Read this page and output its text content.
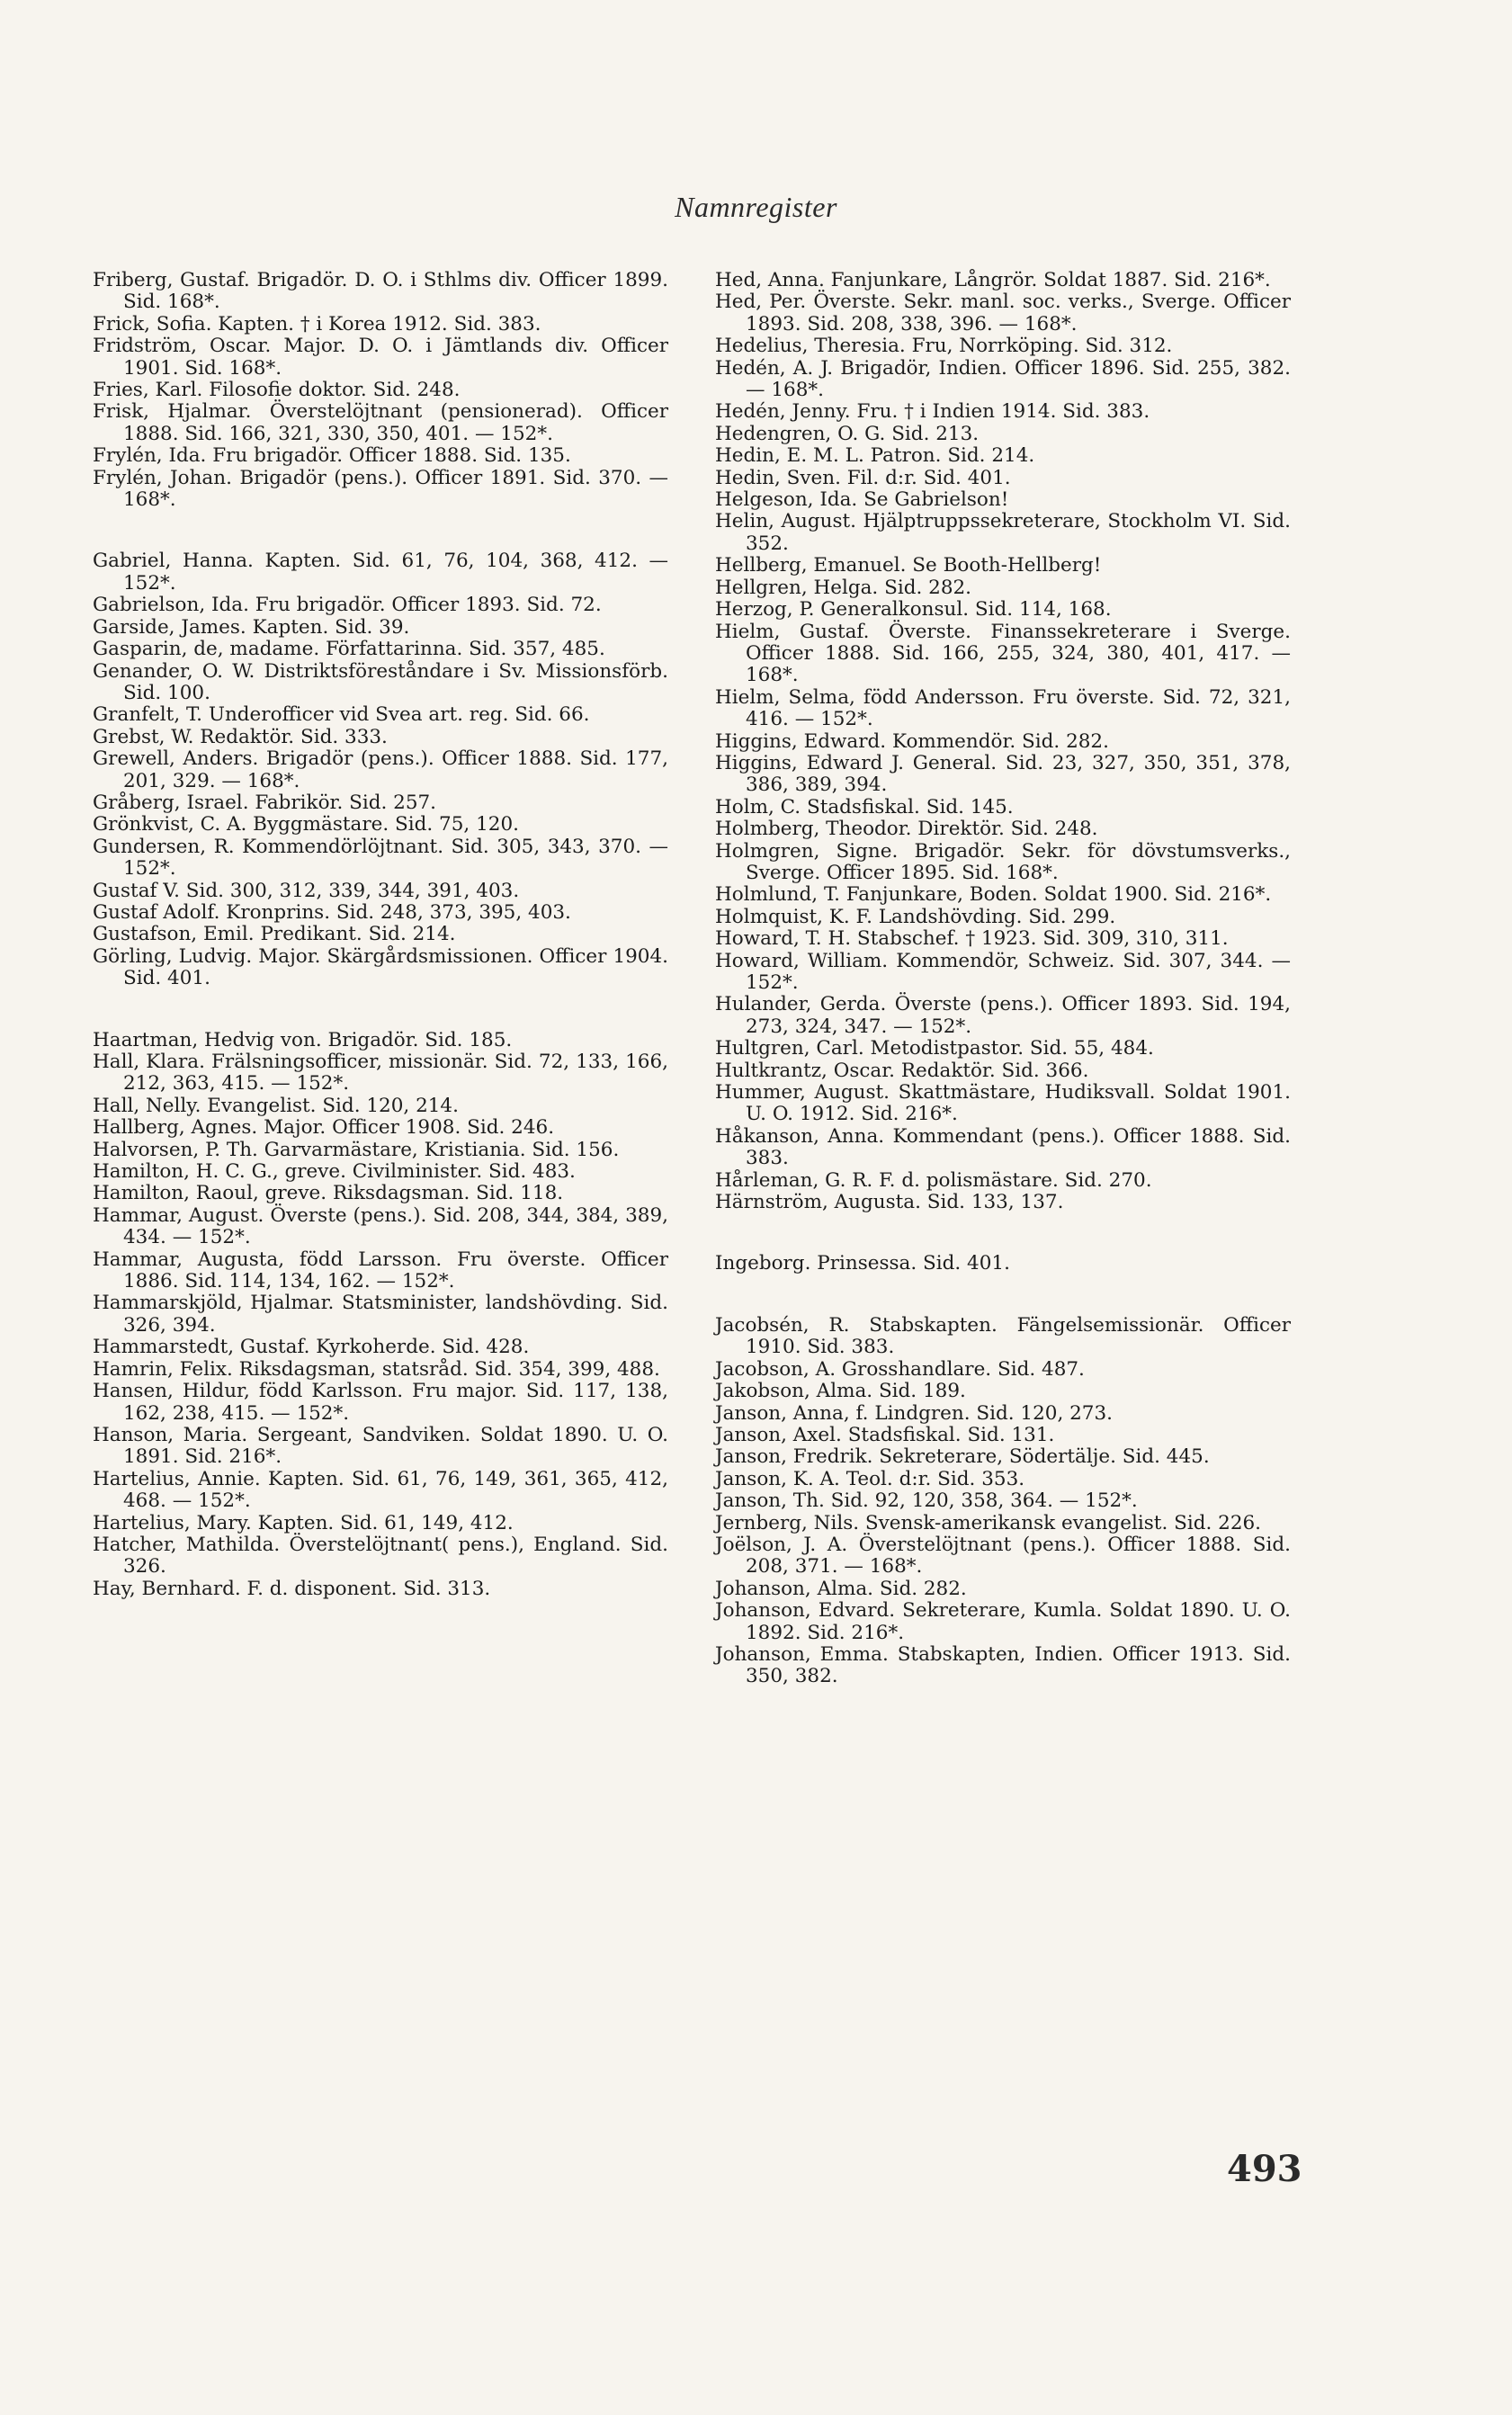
Namnregister
Friberg, Gustaf. Brigadör. D. O. i Sthlms div. Officer 1899. Sid. 168*.
Frick, Sofia. Kapten. † i Korea 1912. Sid. 383.
Fridström, Oscar. Major. D. O. i Jämtlands div. Officer 1901. Sid. 168*.
Fries, Karl. Filosofie doktor. Sid. 248.
Frisk, Hjalmar. Överstelöjtnant (pensionerad). Officer 1888. Sid. 166, 321, 330, 350, 401. — 152*.
Frylén, Ida. Fru brigadör. Officer 1888. Sid. 135.
Frylén, Johan. Brigadör (pens.). Officer 1891. Sid. 370. — 168*.
Gabriel, Hanna. Kapten. Sid. 61, 76, 104, 368, 412. — 152*.
Gabrielson, Ida. Fru brigadör. Officer 1893. Sid. 72.
Garside, James. Kapten. Sid. 39.
Gasparin, de, madame. Författarinna. Sid. 357, 485.
Genander, O. W. Distriktsföreståndare i Sv. Missionsförb. Sid. 100.
Granfelt, T. Underofficer vid Svea art. reg. Sid. 66.
Grebst, W. Redaktör. Sid. 333.
Grewell, Anders. Brigadör (pens.). Officer 1888. Sid. 177, 201, 329. — 168*.
Gråberg, Israel. Fabrikör. Sid. 257.
Grönkvist, C. A. Byggmästare. Sid. 75, 120.
Gundersen, R. Kommendörlöjtnant. Sid. 305, 343, 370. — 152*.
Gustaf V. Sid. 300, 312, 339, 344, 391, 403.
Gustaf Adolf. Kronprins. Sid. 248, 373, 395, 403.
Gustafson, Emil. Predikant. Sid. 214.
Görling, Ludvig. Major. Skärgårdsmissionen. Officer 1904. Sid. 401.
Haartman, Hedvig von. Brigadör. Sid. 185.
Hall, Klara. Frälsningsofficer, missionär. Sid. 72, 133, 166, 212, 363, 415. — 152*.
Hall, Nelly. Evangelist. Sid. 120, 214.
Hallberg, Agnes. Major. Officer 1908. Sid. 246.
Halvorsen, P. Th. Garvarmästare, Kristiania. Sid. 156.
Hamilton, H. C. G., greve. Civilminister. Sid. 483.
Hamilton, Raoul, greve. Riksdagsman. Sid. 118.
Hammar, August. Överste (pens.). Sid. 208, 344, 384, 389, 434. — 152*.
Hammar, Augusta, född Larsson. Fru överste. Officer 1886. Sid. 114, 134, 162. — 152*.
Hammarskjöld, Hjalmar. Statsminister, landshövding. Sid. 326, 394.
Hammarstedt, Gustaf. Kyrkoherde. Sid. 428.
Hamrin, Felix. Riksdagsman, statsråd. Sid. 354, 399, 488.
Hansen, Hildur, född Karlsson. Fru major. Sid. 117, 138, 162, 238, 415. — 152*.
Hanson, Maria. Sergeant, Sandviken. Soldat 1890. U. O. 1891. Sid. 216*.
Hartelius, Annie. Kapten. Sid. 61, 76, 149, 361, 365, 412, 468. — 152*.
Hartelius, Mary. Kapten. Sid. 61, 149, 412.
Hatcher, Mathilda. Överstelöjtnant( pens.), England. Sid. 326.
Hay, Bernhard. F. d. disponent. Sid. 313.
Hed, Anna. Fanjunkare, Långrör. Soldat 1887. Sid. 216*.
Hed, Per. Överste. Sekr. manl. soc. verks., Sverge. Officer 1893. Sid. 208, 338, 396. — 168*.
Hedelius, Theresia. Fru, Norrköping. Sid. 312.
Hedén, A. J. Brigadör, Indien. Officer 1896. Sid. 255, 382. — 168*.
Hedén, Jenny. Fru. † i Indien 1914. Sid. 383.
Hedengren, O. G. Sid. 213.
Hedin, E. M. L. Patron. Sid. 214.
Hedin, Sven. Fil. d:r. Sid. 401.
Helgeson, Ida. Se Gabrielson!
Helin, August. Hjälptruppssekreterare, Stockholm VI. Sid. 352.
Hellberg, Emanuel. Se Booth-Hellberg!
Hellgren, Helga. Sid. 282.
Herzog, P. Generalkonsul. Sid. 114, 168.
Hielm, Gustaf. Överste. Finanssekreterare i Sverge. Officer 1888. Sid. 166, 255, 324, 380, 401, 417. — 168*.
Hielm, Selma, född Andersson. Fru överste. Sid. 72, 321, 416. — 152*.
Higgins, Edward. Kommendör. Sid. 282.
Higgins, Edward J. General. Sid. 23, 327, 350, 351, 378, 386, 389, 394.
Holm, C. Stadsfiskal. Sid. 145.
Holmberg, Theodor. Direktör. Sid. 248.
Holmgren, Signe. Brigadör. Sekr. för dövstumsverks., Sverge. Officer 1895. Sid. 168*.
Holmlund, T. Fanjunkare, Boden. Soldat 1900. Sid. 216*.
Holmquist, K. F. Landshövding. Sid. 299.
Howard, T. H. Stabschef. † 1923. Sid. 309, 310, 311.
Howard, William. Kommendör, Schweiz. Sid. 307, 344. — 152*.
Hulander, Gerda. Överste (pens.). Officer 1893. Sid. 194, 273, 324, 347. — 152*.
Hultgren, Carl. Metodistpastor. Sid. 55, 484.
Hultkrantz, Oscar. Redaktör. Sid. 366.
Hummer, August. Skattmästare, Hudiksvall. Soldat 1901. U. O. 1912. Sid. 216*.
Håkanson, Anna. Kommendant (pens.). Officer 1888. Sid. 383.
Hårleman, G. R. F. d. polismästare. Sid. 270.
Härnström, Augusta. Sid. 133, 137.
Ingeborg. Prinsessa. Sid. 401.
Jacobsén, R. Stabskapten. Fängelsemissionär. Officer 1910. Sid. 383.
Jacobson, A. Grosshandlare. Sid. 487.
Jakobson, Alma. Sid. 189.
Janson, Anna, f. Lindgren. Sid. 120, 273.
Janson, Axel. Stadsfiskal. Sid. 131.
Janson, Fredrik. Sekreterare, Södertälje. Sid. 445.
Janson, K. A. Teol. d:r. Sid. 353.
Janson, Th. Sid. 92, 120, 358, 364. — 152*.
Jernberg, Nils. Svensk-amerikansk evangelist. Sid. 226.
Joëlson, J. A. Överstelöjtnant (pens.). Officer 1888. Sid. 208, 371. — 168*.
Johanson, Alma. Sid. 282.
Johanson, Edvard. Sekreterare, Kumla. Soldat 1890. U. O. 1892. Sid. 216*.
Johanson, Emma. Stabskapten, Indien. Officer 1913. Sid. 350, 382.
493
